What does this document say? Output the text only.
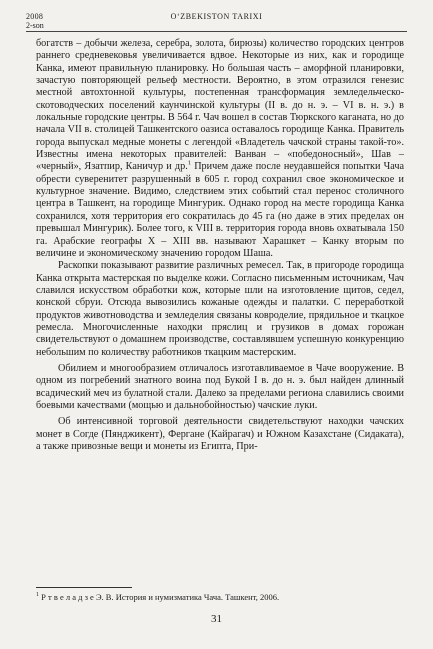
2008
2-son
O‘ZBEKISTON TARIXI

богатств – добычи железа, серебра, золота, бирюзы) количество городских центров раннего средневековья увеличивается вдвое. Некоторые из них, как и городище Канка, имеют правильную планировку. Но большая часть – аморфной планировки, зачастую повторяющей рельеф местности. Вероятно, в этом отразился генезис местной автохтонной культуры, постепенная трансформация земледельческо-скотоводческих поселений каунчинской культуры (II в. до н. э. – VI в. н. э.) в локальные городские центры. В 564 г. Чач вошел в состав Тюркского каганата, но до начала VII в. столицей Ташкентского оазиса оставалось городище Канка. Правитель города выпускал медные монеты с легендой «Владетель чачской страны такой-то». Известны имена некоторых правителей: Ванван – «победоносный», Шав – «черный», Язатпир, Каничур и др.$^1$ Причем даже после неудавшейся попытки Чача обрести суверенитет разрушенный в 605 г. город сохранил свое экономическое и культурное значение. Видимо, следствием этих событий стал перенос столичного центра в Ташкент, на городище Мингурик. Однако город на месте городища Канка сохранился, хотя территория его сократилась до 45 га (но даже в этих пределах он превышал Мингурик). Более того, к VIII в. территория города вновь охватывала 150 га. Арабские географы X – XIII вв. называют Харашкет – Канку вторым по величине и экономическому значению городом Шаша.

Раскопки показывают развитие различных ремесел. Так, в пригороде городища Канка открыта мастерская по выделке кожи. Согласно письменным источникам, Чач славился искусством обработки кож, которые шли на изготовление щитов, седел, конской сбруи. Отсюда вывозились кожаные одежды и палатки. С переработкой продуктов животноводства и земледелия связаны ковроделие, прядильное и ткацкое ремесла. Многочисленные находки пряслиц и грузиков в домах горожан свидетельствуют о домашнем производстве, составлявшем успешную конкуренцию небольшим по количеству работников ткацким мастерским.

Обилием и многообразием отличалось изготавливаемое в Чаче вооружение. В одном из погребений знатного воина под Букой I в. до н. э. был найден длинный всадический меч из булатной стали. Далеко за пределами региона славились своими боевыми качествами (мощью и дальнобойностью) чачские луки.

Об интенсивной торговой деятельности свидетельствуют находки чачских монет в Согде (Пянджикент), Фергане (Кайрагач) и Южном Казахстане (Сидаката), а также привозные вещи и монеты из Египта, При-

$^1$ Р т в е л а д з е Э. В. История и нумизматика Чача. Ташкент, 2006.
31
